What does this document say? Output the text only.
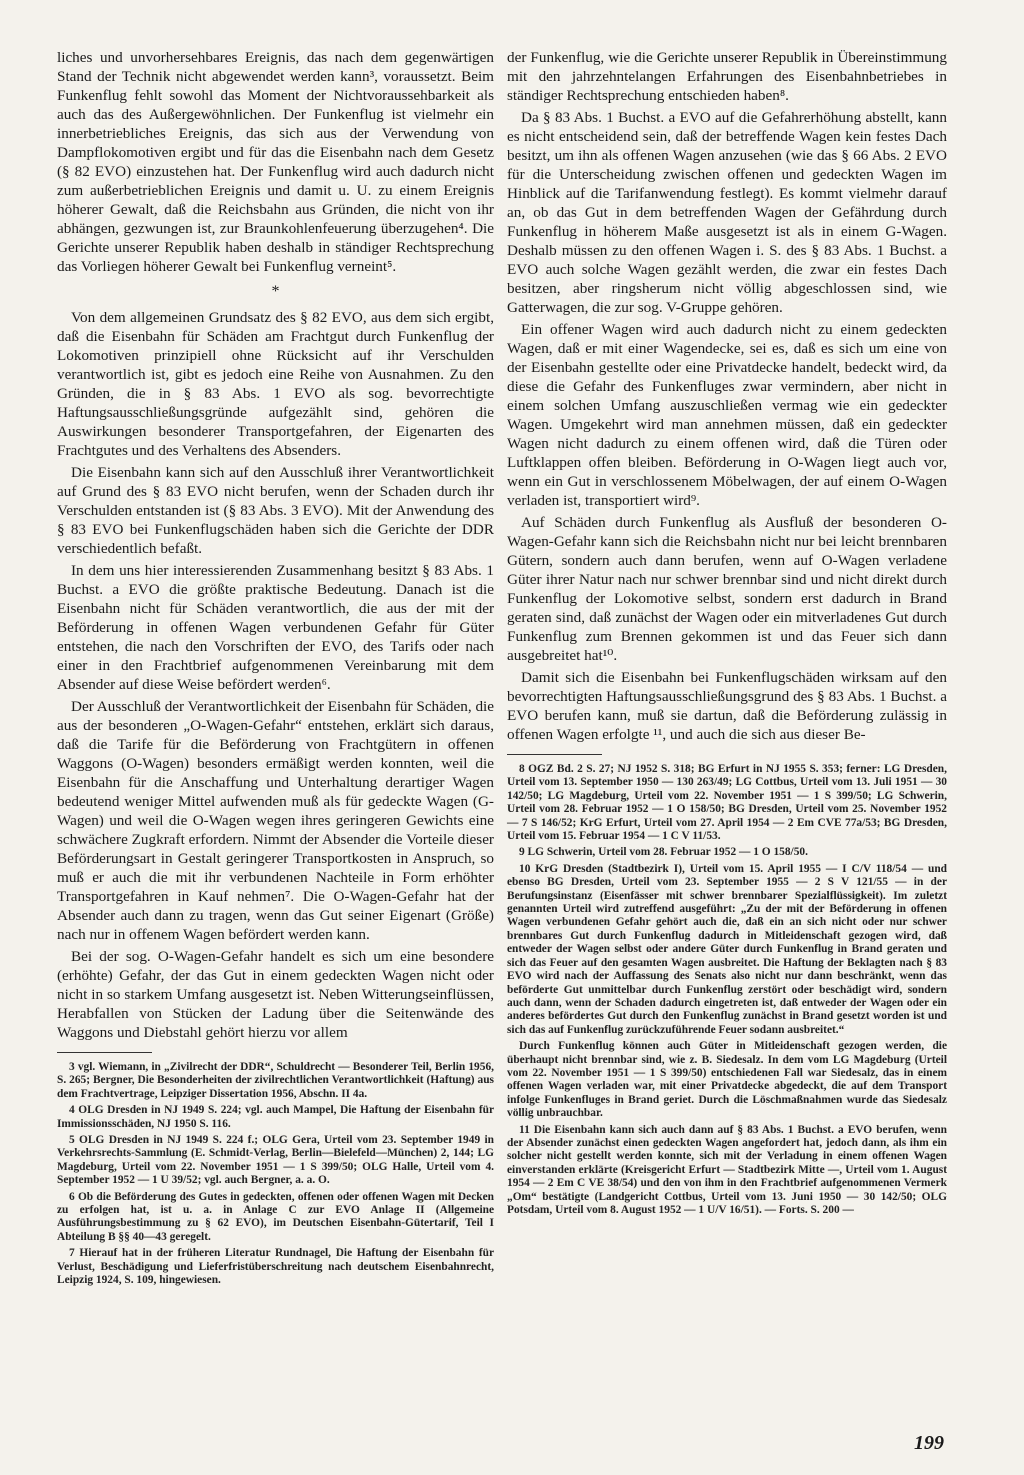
liches und unvorhersehbares Ereignis, das nach dem gegenwärtigen Stand der Technik nicht abgewendet werden kann³, voraussetzt. Beim Funkenflug fehlt sowohl das Moment der Nichtvoraussehbarkeit als auch das des Außergewöhnlichen. Der Funkenflug ist vielmehr ein innerbetriebliches Ereignis, das sich aus der Verwendung von Dampflokomotiven ergibt und für das die Eisenbahn nach dem Gesetz (§ 82 EVO) einzustehen hat. Der Funkenflug wird auch dadurch nicht zum außerbetrieblichen Ereignis und damit u. U. zu einem Ereignis höherer Gewalt, daß die Reichsbahn aus Gründen, die nicht von ihr abhängen, gezwungen ist, zur Braunkohlenfeuerung überzugehen⁴. Die Gerichte unserer Republik haben deshalb in ständiger Rechtsprechung das Vorliegen höherer Gewalt bei Funkenflug verneint⁵.

*

Von dem allgemeinen Grundsatz des § 82 EVO, aus dem sich ergibt, daß die Eisenbahn für Schäden am Frachtgut durch Funkenflug der Lokomotiven prinzipiell ohne Rücksicht auf ihr Verschulden verantwortlich ist, gibt es jedoch eine Reihe von Ausnahmen. Zu den Gründen, die in § 83 Abs. 1 EVO als sog. bevorrechtigte Haftungsausschließungsgründe aufgezählt sind, gehören die Auswirkungen besonderer Transportgefahren, der Eigenarten des Frachtgutes und des Verhaltens des Absenders.

Die Eisenbahn kann sich auf den Ausschluß ihrer Verantwortlichkeit auf Grund des § 83 EVO nicht berufen, wenn der Schaden durch ihr Verschulden entstanden ist (§ 83 Abs. 3 EVO). Mit der Anwendung des § 83 EVO bei Funkenflugschäden haben sich die Gerichte der DDR verschiedentlich befaßt.

In dem uns hier interessierenden Zusammenhang besitzt § 83 Abs. 1 Buchst. a EVO die größte praktische Bedeutung. Danach ist die Eisenbahn nicht für Schäden verantwortlich, die aus der mit der Beförderung in offenen Wagen verbundenen Gefahr für Güter entstehen, die nach den Vorschriften der EVO, des Tarifs oder nach einer in den Frachtbrief aufgenommenen Vereinbarung mit dem Absender auf diese Weise befördert werden⁶.

Der Ausschluß der Verantwortlichkeit der Eisenbahn für Schäden, die aus der besonderen „O-Wagen-Gefahr“ entstehen, erklärt sich daraus, daß die Tarife für die Beförderung von Frachtgütern in offenen Waggons (O-Wagen) besonders ermäßigt werden konnten, weil die Eisenbahn für die Anschaffung und Unterhaltung derartiger Wagen bedeutend weniger Mittel aufwenden muß als für gedeckte Wagen (G-Wagen) und weil die O-Wagen wegen ihres geringeren Gewichts eine schwächere Zugkraft erfordern. Nimmt der Absender die Vorteile dieser Beförderungsart in Gestalt geringerer Transportkosten in Anspruch, so muß er auch die mit ihr verbundenen Nachteile in Form erhöhter Transportgefahren in Kauf nehmen⁷. Die O-Wagen-Gefahr hat der Absender auch dann zu tragen, wenn das Gut seiner Eigenart (Größe) nach nur in offenem Wagen befördert werden kann.

Bei der sog. O-Wagen-Gefahr handelt es sich um eine besondere (erhöhte) Gefahr, der das Gut in einem gedeckten Wagen nicht oder nicht in so starkem Umfang ausgesetzt ist. Neben Witterungseinflüssen, Herabfallen von Stücken der Ladung über die Seitenwände des Waggons und Diebstahl gehört hierzu vor allem

3 vgl. Wiemann, in „Zivilrecht der DDR“, Schuldrecht — Besonderer Teil, Berlin 1956, S. 265; Bergner, Die Besonderheiten der zivilrechtlichen Verantwortlichkeit (Haftung) aus dem Frachtvertrage, Leipziger Dissertation 1956, Abschn. II 4a.

4 OLG Dresden in NJ 1949 S. 224; vgl. auch Mampel, Die Haftung der Eisenbahn für Immissionsschäden, NJ 1950 S. 116.

5 OLG Dresden in NJ 1949 S. 224 f.; OLG Gera, Urteil vom 23. September 1949 in Verkehrsrechts-Sammlung (E. Schmidt-Verlag, Berlin—Bielefeld—München) 2, 144; LG Magdeburg, Urteil vom 22. November 1951 — 1 S 399/50; OLG Halle, Urteil vom 4. September 1952 — 1 U 39/52; vgl. auch Bergner, a. a. O.

6 Ob die Beförderung des Gutes in gedeckten, offenen oder offenen Wagen mit Decken zu erfolgen hat, ist u. a. in Anlage C zur EVO Anlage II (Allgemeine Ausführungsbestimmung zu § 62 EVO), im Deutschen Eisenbahn-Gütertarif, Teil I Abteilung B §§ 40—43 geregelt.

7 Hierauf hat in der früheren Literatur Rundnagel, Die Haftung der Eisenbahn für Verlust, Beschädigung und Lieferfristüberschreitung nach deutschem Eisenbahnrecht, Leipzig 1924, S. 109, hingewiesen.

der Funkenflug, wie die Gerichte unserer Republik in Übereinstimmung mit den jahrzehntelangen Erfahrungen des Eisenbahnbetriebes in ständiger Rechtsprechung entschieden haben⁸.

Da § 83 Abs. 1 Buchst. a EVO auf die Gefahrerhöhung abstellt, kann es nicht entscheidend sein, daß der betreffende Wagen kein festes Dach besitzt, um ihn als offenen Wagen anzusehen (wie das § 66 Abs. 2 EVO für die Unterscheidung zwischen offenen und gedeckten Wagen im Hinblick auf die Tarifanwendung festlegt). Es kommt vielmehr darauf an, ob das Gut in dem betreffenden Wagen der Gefährdung durch Funkenflug in höherem Maße ausgesetzt ist als in einem G-Wagen. Deshalb müssen zu den offenen Wagen i. S. des § 83 Abs. 1 Buchst. a EVO auch solche Wagen gezählt werden, die zwar ein festes Dach besitzen, aber ringsherum nicht völlig abgeschlossen sind, wie Gatterwagen, die zur sog. V-Gruppe gehören.

Ein offener Wagen wird auch dadurch nicht zu einem gedeckten Wagen, daß er mit einer Wagendecke, sei es, daß es sich um eine von der Eisenbahn gestellte oder eine Privatdecke handelt, bedeckt wird, da diese die Gefahr des Funkenfluges zwar vermindern, aber nicht in einem solchen Umfang auszuschließen vermag wie ein gedeckter Wagen. Umgekehrt wird man annehmen müssen, daß ein gedeckter Wagen nicht dadurch zu einem offenen wird, daß die Türen oder Luftklappen offen bleiben. Beförderung in O-Wagen liegt auch vor, wenn ein Gut in verschlossenem Möbelwagen, der auf einem O-Wagen verladen ist, transportiert wird⁹.

Auf Schäden durch Funkenflug als Ausfluß der besonderen O-Wagen-Gefahr kann sich die Reichsbahn nicht nur bei leicht brennbaren Gütern, sondern auch dann berufen, wenn auf O-Wagen verladene Güter ihrer Natur nach nur schwer brennbar sind und nicht direkt durch Funkenflug der Lokomotive selbst, sondern erst dadurch in Brand geraten sind, daß zunächst der Wagen oder ein mitverladenes Gut durch Funkenflug zum Brennen gekommen ist und das Feuer sich dann ausgebreitet hat¹⁰.

Damit sich die Eisenbahn bei Funkenflugschäden wirksam auf den bevorrechtigten Haftungsausschließungsgrund des § 83 Abs. 1 Buchst. a EVO berufen kann, muß sie dartun, daß die Beförderung zulässig in offenen Wagen erfolgte ¹¹, und auch die sich aus dieser Be-

8 OGZ Bd. 2 S. 27; NJ 1952 S. 318; BG Erfurt in NJ 1955 S. 353; ferner: LG Dresden, Urteil vom 13. September 1950 — 130 263/49; LG Cottbus, Urteil vom 13. Juli 1951 — 30 142/50; LG Magdeburg, Urteil vom 22. November 1951 — 1 S 399/50; LG Schwerin, Urteil vom 28. Februar 1952 — 1 O 158/50; BG Dresden, Urteil vom 25. November 1952 — 7 S 146/52; KrG Erfurt, Urteil vom 27. April 1954 — 2 Em CVE 77a/53; BG Dresden, Urteil vom 15. Februar 1954 — 1 C V 11/53.

9 LG Schwerin, Urteil vom 28. Februar 1952 — 1 O 158/50.

10 KrG Dresden (Stadtbezirk I), Urteil vom 15. April 1955 — I C/V 118/54 — und ebenso BG Dresden, Urteil vom 23. September 1955 — 2 S V 121/55 — in der Berufungsinstanz (Eisenfässer mit schwer brennbarer Spezialflüssigkeit). Im zuletzt genannten Urteil wird zutreffend ausgeführt: „Zu der mit der Beförderung in offenen Wagen verbundenen Gefahr gehört auch die, daß ein an sich nicht oder nur schwer brennbares Gut durch Funkenflug dadurch in Mitleidenschaft gezogen wird, daß entweder der Wagen selbst oder andere Güter durch Funkenflug in Brand geraten und sich das Feuer auf den gesamten Wagen ausbreitet. Die Haftung der Beklagten nach § 83 EVO wird nach der Auffassung des Senats also nicht nur dann beschränkt, wenn das beförderte Gut unmittelbar durch Funkenflug zerstört oder beschädigt wird, sondern auch dann, wenn der Schaden dadurch eingetreten ist, daß entweder der Wagen oder ein anderes befördertes Gut durch den Funkenflug zunächst in Brand gesetzt worden ist und sich das auf Funkenflug zurückzuführende Feuer sodann ausbreitet.“

Durch Funkenflug können auch Güter in Mitleidenschaft gezogen werden, die überhaupt nicht brennbar sind, wie z. B. Siedesalz. In dem vom LG Magdeburg (Urteil vom 22. November 1951 — 1 S 399/50) entschiedenen Fall war Siedesalz, das in einem offenen Wagen verladen war, mit einer Privatdecke abgedeckt, die auf dem Transport infolge Funkenfluges in Brand geriet. Durch die Löschmaßnahmen wurde das Siedesalz völlig unbrauchbar.

11 Die Eisenbahn kann sich auch dann auf § 83 Abs. 1 Buchst. a EVO berufen, wenn der Absender zunächst einen gedeckten Wagen angefordert hat, jedoch dann, als ihm ein solcher nicht gestellt werden konnte, sich mit der Verladung in einem offenen Wagen einverstanden erklärte (Kreisgericht Erfurt — Stadtbezirk Mitte —, Urteil vom 1. August 1954 — 2 Em C VE 38/54) und den von ihm in den Frachtbrief aufgenommenen Vermerk „Om“ bestätigte (Landgericht Cottbus, Urteil vom 13. Juni 1950 — 30 142/50; OLG Potsdam, Urteil vom 8. August 1952 — 1 U/V 16/51). — Forts. S. 200 —

199
